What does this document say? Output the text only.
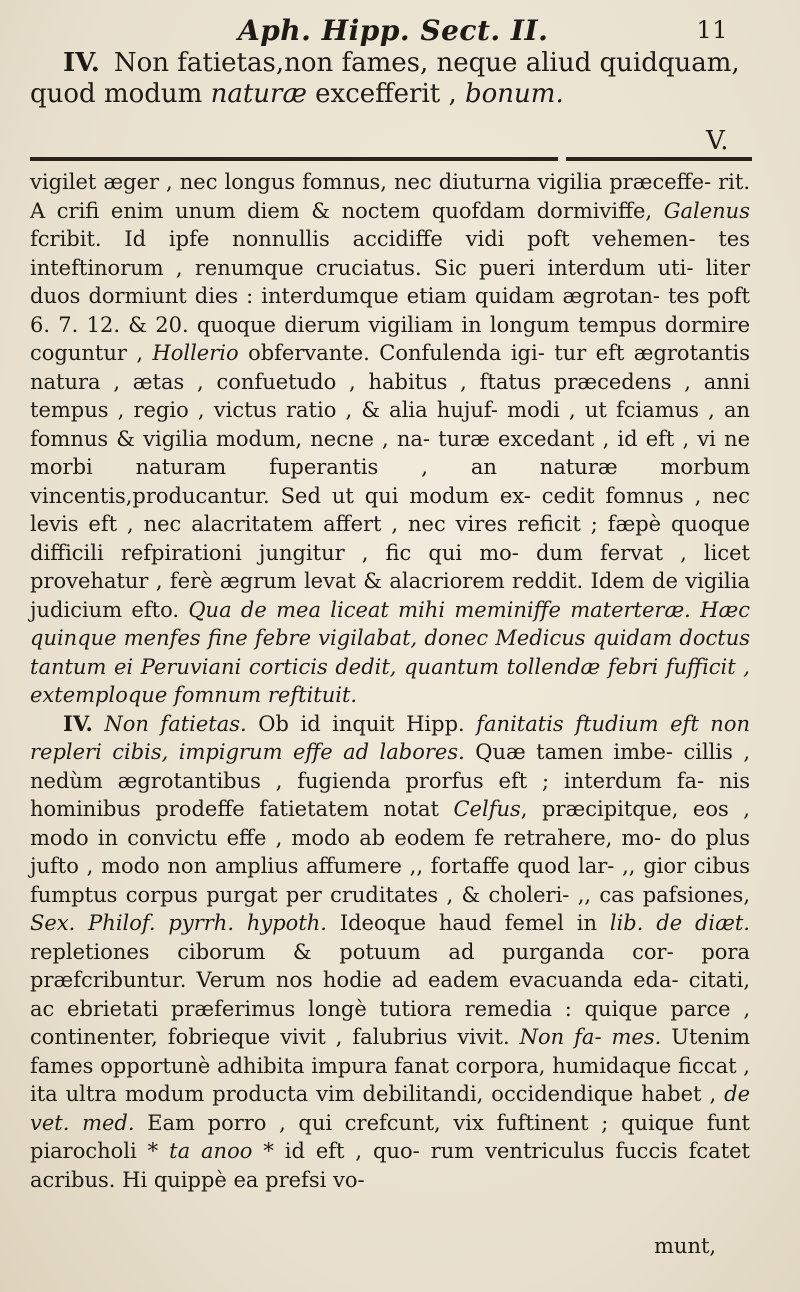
Aph. Hipp. Sect. II.	11
IV. Non fatietas,non fames, neque aliud quidquam, quod modum naturæ excefferit , bonum.
V.

vigilet æger , nec longus fomnus, nec diuturna vigilia præceffe- rit. A crifi enim unum diem & noctem quofdam dormiviffe, Galenus fcribit. Id ipfe nonnullis accidiffe vidi poft vehemen- tes inteftinorum , renumque cruciatus. Sic pueri interdum uti- liter duos dormiunt dies : interdumque etiam quidam ægrotan- tes poft 6. 7. 12. & 20. quoque dierum vigiliam in longum tempus dormire coguntur , Hollerio obfervante. Confulenda igi- tur eft ægrotantis natura , ætas , confuetudo , habitus , ftatus præcedens , anni tempus , regio , victus ratio , & alia hujuf- modi , ut fciamus , an fomnus & vigilia modum, necne , na- turæ excedant , id eft , vi ne morbi naturam fuperantis , an naturæ morbum vincentis,producantur. Sed ut qui modum ex- cedit fomnus , nec levis eft , nec alacritatem affert , nec vires reficit ; fæpè quoque difficili refpirationi jungitur , fic qui mo- dum fervat , licet provehatur , ferè ægrum levat & alacriorem reddit. Idem de vigilia judicium efto. Qua de mea liceat mihi meminiffe materteræ. Hæc quinque menfes fine febre vigilabat, donec Medicus quidam doctus tantum ei Peruviani corticis dedit, quantum tollendæ febri fufficit , extemploque fomnum reftituit.

IV. Non fatietas. Ob id inquit Hipp. fanitatis ftudium eft non repleri cibis, impigrum effe ad labores. Quæ tamen imbe- cillis , nedùm ægrotantibus , fugienda prorfus eft ; interdum fa- nis hominibus prodeffe fatietatem notat Celfus, præcipitque, eos , modo in convictu effe , modo ab eodem fe retrahere, mo- do plus jufto , modo non amplius affumere ,, fortaffe quod lar- ,, gior cibus fumptus corpus purgat per cruditates , & choleri- ,, cas pafsiones, Sex. Philof. pyrrh. hypoth. Ideoque haud femel in lib. de diæt. repletiones ciborum & potuum ad purganda cor- pora præfcribuntur. Verum nos hodie ad eadem evacuanda eda- citati, ac ebrietati præferimus longè tutiora remedia : quique parce , continenter, fobrieque vivit , falubrius vivit. Non fa- mes. Utenim fames opportunè adhibita impura fanat corpora, humidaque ficcat , ita ultra modum producta vim debilitandi, occidendique habet , de vet. med. Eam porro , qui crefcunt, vix fuftinent ; quique funt piarocholi * ta anoo * id eft , quo- rum ventriculus fuccis fcatet acribus. Hi quippè ea prefsi vo-

munt,
